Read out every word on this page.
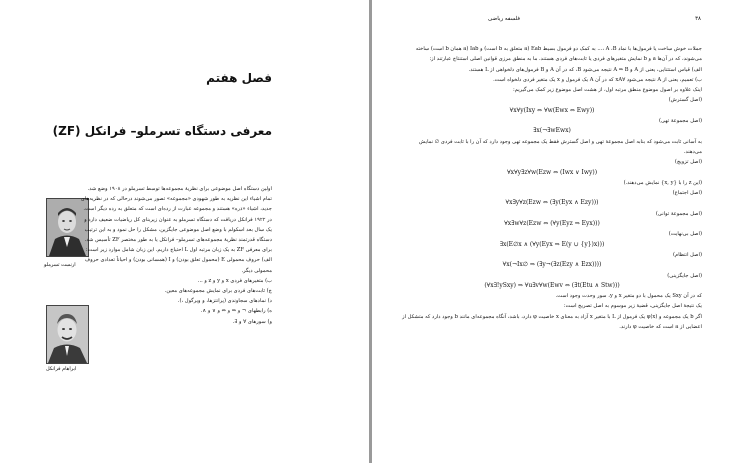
فصل هفتم
معرفی دستگاه تسرملو– فرانکل (ZF)
ارنست تسرملو
ابراهام فرانکل

اولین دستگاه اصل موضوعی برای نظریهٔ مجموعه‌ها توسط تسرملو در ۱۹۰۸ وضع شد. تمام اشیاء این نظریه به طور شهودی «مجموعه» تصور می‌شوند درحالی که در نظریه‌های جدید، اشیاء «ذره» هستند و مجموعه عبارت از رده‌ای است که متعلق به رده دیگر است. در ۱۹۲۲ فرانکل دریافت که دستگاه تسرملو به عنوان زیربنای کل ریاضیات ضعیف دارد و یک سال بعد اسکولم با وضع اصل موضوعی جایگزین، مشکل را حل نمود و به این ترتیب دستگاه قدرتمند نظریهٔ مجموعه‌های تسرملو– فرانکل یا به طور مختصر ZF تأسیس شد. برای معرفی ZF به یک زبان مرتبه اول L احتیاج داریم. این زبان شامل موارد زیر است:

الف) حروف محمولی E (محمول تعلق بودن) و I (همسانی بودن) و احیاناً تعدادی حروف محمولی دیگر.

ب) متغیرهای فردی x و y و z و ...

ج) ثابت‌های فردی برای نمایش مجموعه‌های معین.

د) نمادهای سجاوندی (پرانتزها، و ویرگول ،).

ه) رابطهای ¬ و ⇒ و ⇔ و ∨ و ∧.

و) سورهای ∀ و ∃.

۳۸
فلسفه ریاضی

جملات خوش ساخت یا فرمول‌ها با نماد A ،B ،... به کمک دو فرمول بسیط Eab (a متعلق به b است) و Iab (a همان b است) ساخته می‌شوند، که در آن‌ها a و b نمایش متغیرهای فردی یا ثابت‌های فردی هستند. ما به منطق مرزی قوانین اصلی استنتاج عبارتند از:

الف) قیاس استثنایی، یعنی از A و A ⇒ B نتیجه می‌شود B، که در آن A و B فرمول‌های دلخواهی از L هستند.

ب) تعمیم، یعنی از A نتیجه می‌شود ∀xA که در آن A یک فرمول و x یک متغیر فردی دلخواه است.

اینک علاوه بر اصول موضوع منطق مرتبه اول، از هشت اصل موضوع زیر کمک می‌گیریم:

(اصل گسترش)
∀x∀y(Ixy ⇔ ∀w(Ewx ⇔ Ewy))
(اصل مجموعهٔ تهی)
∃x(¬∃wEwx)

به آسانی ثابت می‌شود که بنابه اصل مجموعهٔ تهی و اصل گسترش فقط یک مجموعه تهی وجود دارد که آن را با ثابت فردی ∅ نمایش می‌دهند.

(اصل تزویج)
∀x∀y∃z∀w(Ezw ⇔ (Iwx ∨ Iwy))

(این z را با {x, y} نمایش می‌دهند.)

(اصل اجتماع)
∀x∃y∀z(Ezw ⇔ (∃y(Eyx ∧ Ezy)))
(اصل مجموعهٔ توانی)
∀x∃w∀z(Ezw ⇔ (∀y(Eyz ⇒ Eyx)))
(اصل بی‌نهایت)
∃x(E∅x ∧ (∀y(Eyx ⇒ E(y ∪ {y})x)))
(اصل انتظام)
∀x(¬Ix∅ ⇒ (∃y¬(∃z(Ezy ∧ Ezx))))
(اصل جایگزینی)
(∀x∃!ySxy) ⇒ ∀u∃v∀w(Ewv ⇔ (∃t(Etu ∧ Stw)))

که در آن Sxy یک محمول با دو متغیر x و y، سور وحدت وجود است.

یک نتیجهٔ اصل جایگزینی، قضیهٔ زیر موسوم به اصل تصریح است:

اگر b یک مجموعه و φ(x) یک فرمول از L با متغیر x آزاد به معنای x خاصیت φ دارد، باشد، آنگاه مجموعه‌ای مانند b وجود دارد که متشکل از اعضایی از a است که خاصیت φ دارند.
